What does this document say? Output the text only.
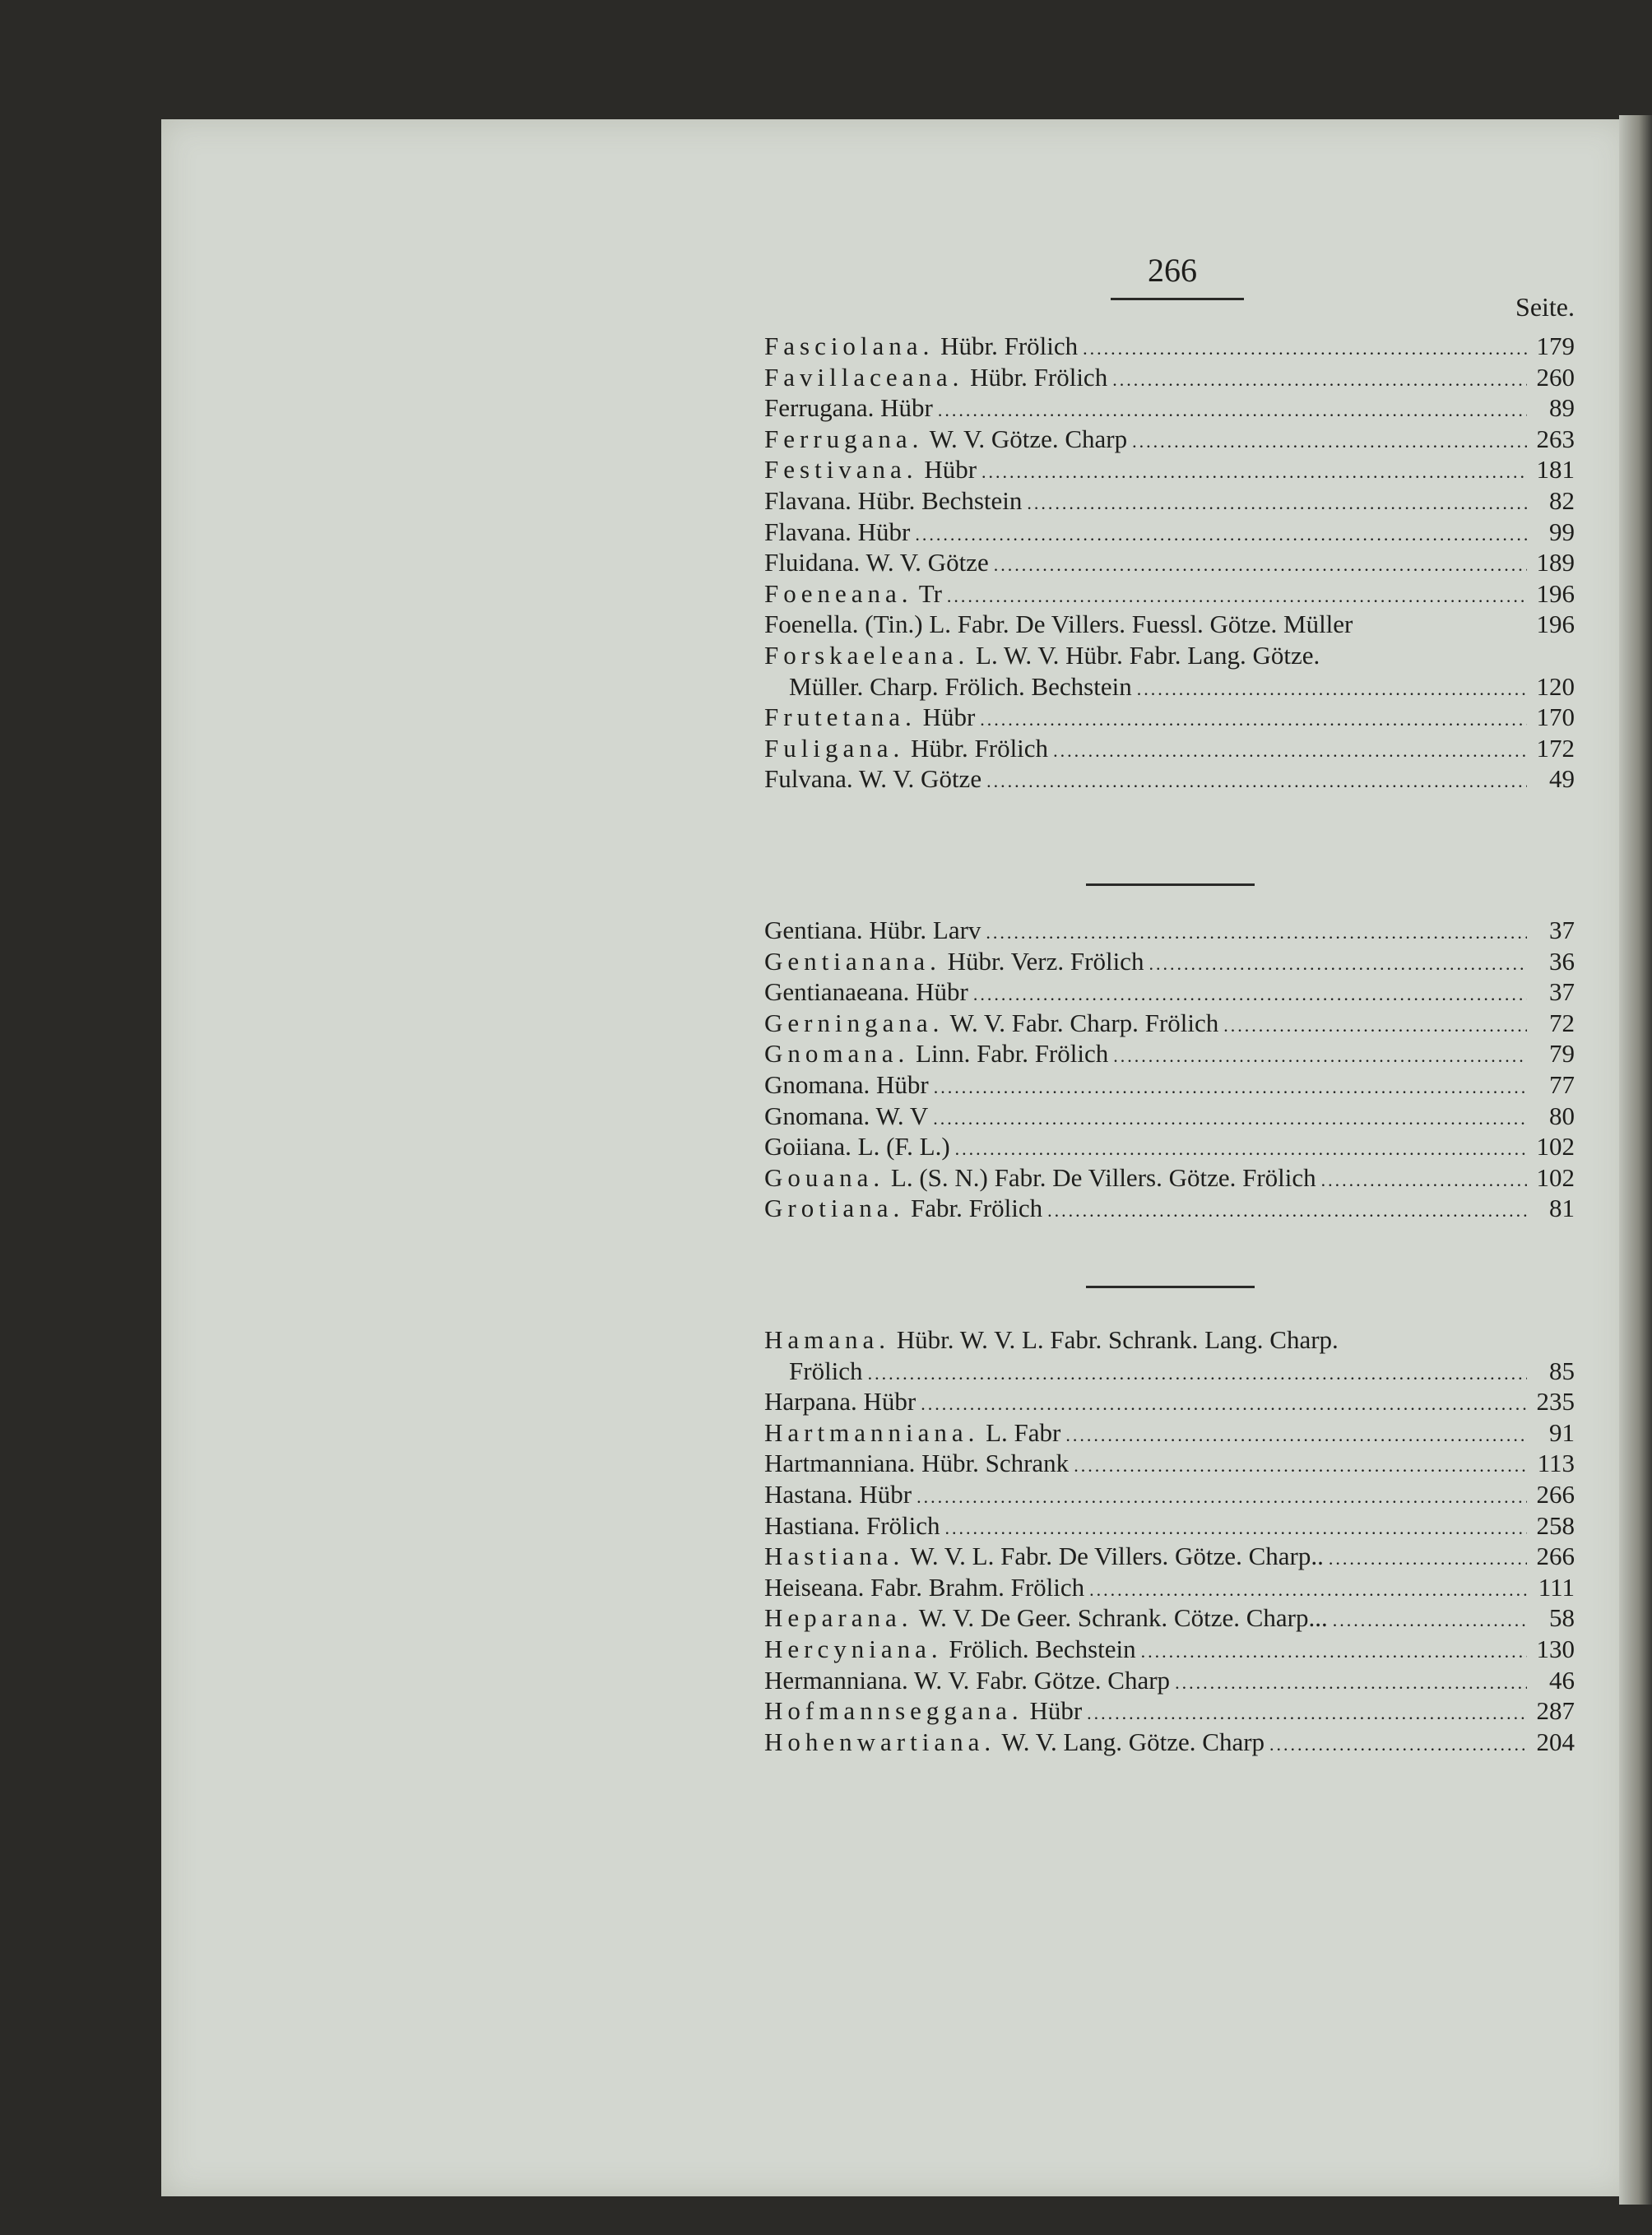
266
Seite.
Fasciolana. Hübr. Frölich .....	179
Favillaceana. Hübr. Frölich .....	260
Ferrugana. Hübr .....	89
Ferrugana. W. V. Götze. Charp .....	263
Festivana. Hübr .....	181
Flavana. Hübr. Bechstein .....	82
Flavana. Hübr .....	99
Fluidana. W. V. Götze .....	189
Foeneana. Tr .....	196
Foenella. (Tin.) L. Fabr. De Villers. Fuessl. Götze. Müller	196
Forskaeleana. L. W. V. Hübr. Fabr. Lang. Götze.
Müller. Charp. Frölich. Bechstein .....	120
Frutetana. Hübr .....	170
Fuligana. Hübr. Frölich .....	172
Fulvana. W. V. Götze .....	49
Gentiana. Hübr. Larv .....	37
Gentianana. Hübr. Verz. Frölich .....	36
Gentianaeana. Hübr .....	37
Gerningana. W. V. Fabr. Charp. Frölich .....	72
Gnomana. Linn. Fabr. Frölich .....	79
Gnomana. Hübr .....	77
Gnomana. W. V .....	80
Goiiana. L. (F. L.) .....	102
Gouana. L. (S. N.) Fabr. De Villers. Götze. Frölich .....	102
Grotiana. Fabr. Frölich .....	81
Hamana. Hübr. W. V. L. Fabr. Schrank. Lang. Charp.
Frölich .....	85
Harpana. Hübr .....	235
Hartmanniana. L. Fabr .....	91
Hartmanniana. Hübr. Schrank .....	113
Hastana. Hübr .....	266
Hastiana. Frölich .....	258
Hastiana. W. V. L. Fabr. De Villers. Götze. Charp.. .....	266
Heiseana. Fabr. Brahm. Frölich .....	111
Heparana. W. V. De Geer. Schrank. Cötze. Charp... .....	58
Hercyniana. Frölich. Bechstein .....	130
Hermanniana. W. V. Fabr. Götze. Charp .....	46
Hofmannseggana. Hübr .....	287
Hohenwartiana. W. V. Lang. Götze. Charp .....	204
